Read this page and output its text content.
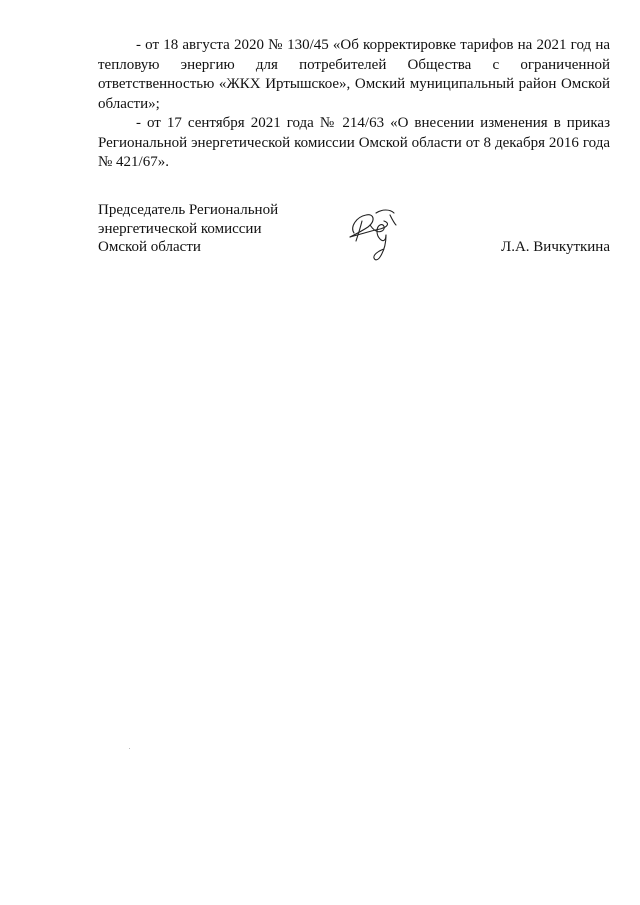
- от 18 августа 2020 № 130/45 «Об корректировке тарифов на 2021 год на тепловую энергию для потребителей Общества с ограниченной ответственностью «ЖКХ Иртышское», Омский муниципальный район Омской области»;

- от 17 сентября 2021 года № 214/63 «О внесении изменения в приказ Региональной энергетической комиссии Омской области от 8 декабря 2016 года № 421/67».

Председатель Региональной
энергетической комиссии
Омской области	Л.А. Вичкуткина
